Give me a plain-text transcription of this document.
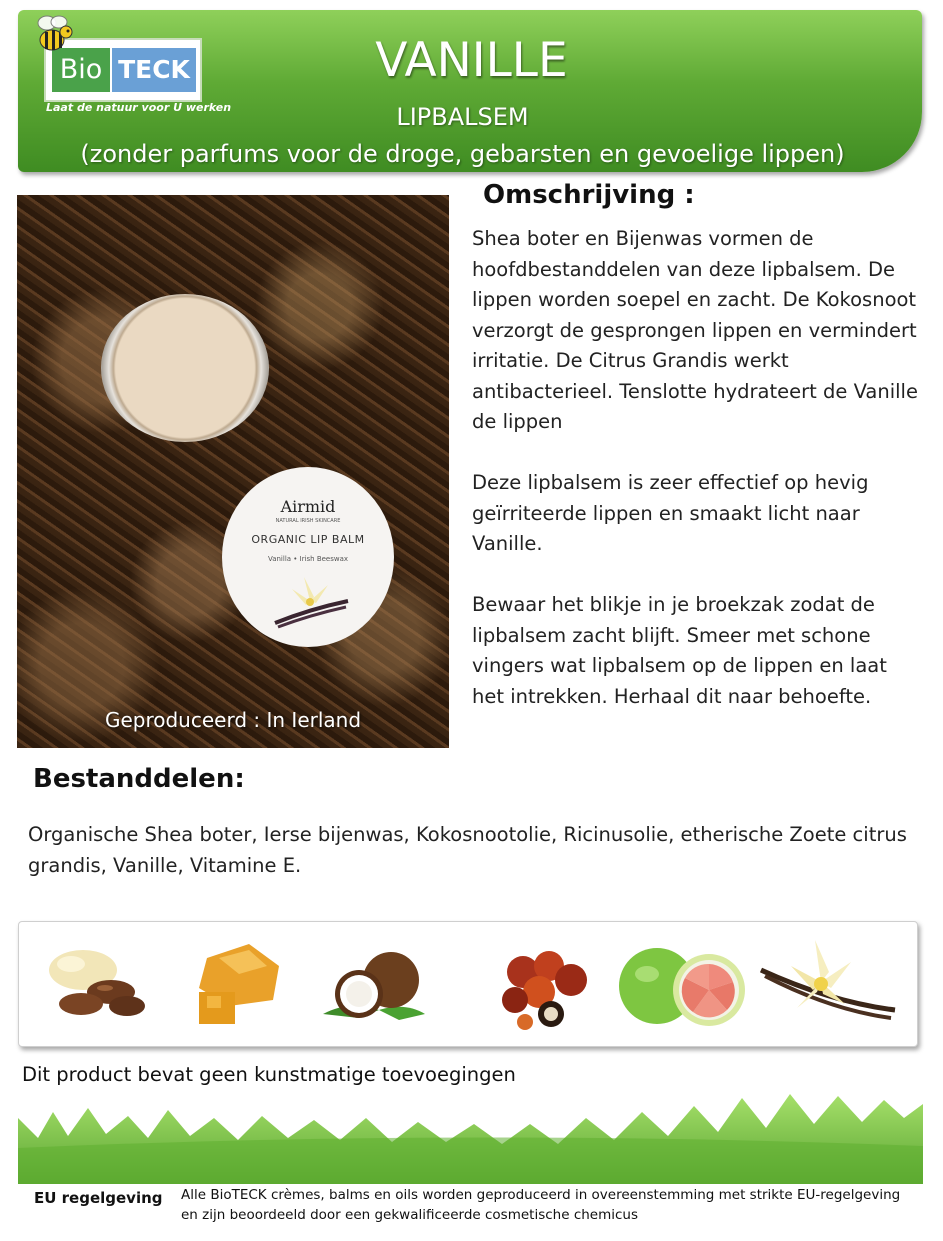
Bio TECK
Laat de natuur voor U werken
VANILLE
LIPBALSEM
(zonder parfums voor de droge, gebarsten en gevoelige lippen)
Airmid
NATURAL IRISH SKINCARE
ORGANIC LIP BALM
Vanilla • Irish Beeswax
Geproduceerd : In Ierland
Omschrijving :

Shea boter en Bijenwas vormen de hoofdbestanddelen van deze lipbalsem. De lippen worden soepel en zacht. De Kokosnoot verzorgt de gesprongen lippen en vermindert irritatie. De Citrus Grandis werkt antibacterieel. Tenslotte hydrateert de Vanille de lippen

Deze lipbalsem is zeer effectief op hevig geïrriteerde lippen en smaakt licht naar Vanille.

Bewaar het blikje in je broekzak zodat de lipbalsem zacht blijft. Smeer met schone vingers wat lipbalsem op de lippen en laat het intrekken. Herhaal dit naar behoefte.

Bestanddelen:
Organische Shea boter, Ierse bijenwas, Kokosnootolie, Ricinusolie, etherische Zoete citrus grandis, Vanille, Vitamine E.
Dit product bevat geen kunstmatige toevoegingen
EU regelgeving Alle BioTECK crèmes, balms en oils worden geproduceerd in overeenstemming met strikte EU-regelgeving en zijn beoordeeld door een gekwalificeerde cosmetische chemicus
